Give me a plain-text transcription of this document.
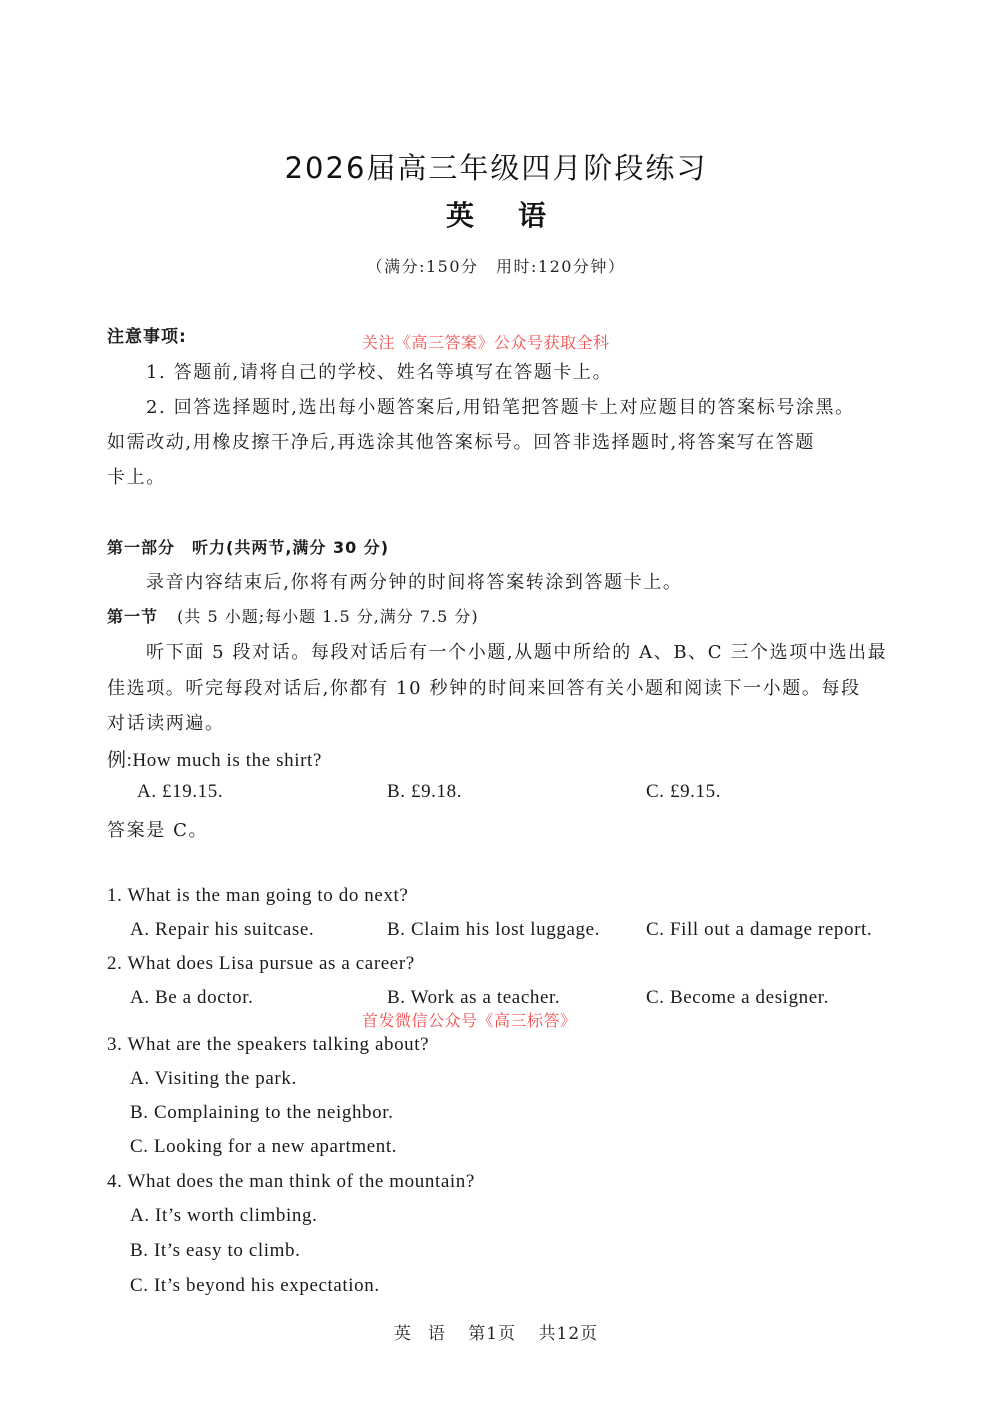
2026届高三年级四月阶段练习
英 语
（满分:150分　用时:120分钟）
注意事项:	关注《高三答案》公众号获取全科
1. 答题前,请将自己的学校、姓名等填写在答题卡上。
2. 回答选择题时,选出每小题答案后,用铅笔把答题卡上对应题目的答案标号涂黑。
如需改动,用橡皮擦干净后,再选涂其他答案标号。回答非选择题时,将答案写在答题
卡上。
第一部分　听力(共两节,满分 30 分)
录音内容结束后,你将有两分钟的时间将答案转涂到答题卡上。
第一节 (共 5 小题;每小题 1.5 分,满分 7.5 分)
听下面 5 段对话。每段对话后有一个小题,从题中所给的 A、B、C 三个选项中选出最
佳选项。听完每段对话后,你都有 10 秒钟的时间来回答有关小题和阅读下一小题。每段
对话读两遍。
例:How much is the shirt?
A. £19.15.	B. £9.18.	C. £9.15.
答案是 C。
1. What is the man going to do next?
A. Repair his suitcase.	B. Claim his lost luggage. C. Fill out a damage report.
2. What does Lisa pursue as a career?
A. Be a doctor.	B. Work as a teacher.	C. Become a designer.
首发微信公众号《高三标答》
3. What are the speakers talking about?
A. Visiting the park.
B. Complaining to the neighbor.
C. Looking for a new apartment.
4. What does the man think of the mountain?
A. It’s worth climbing.
B. It’s easy to climb.
C. It’s beyond his expectation.
英 语 第1页 共12页
